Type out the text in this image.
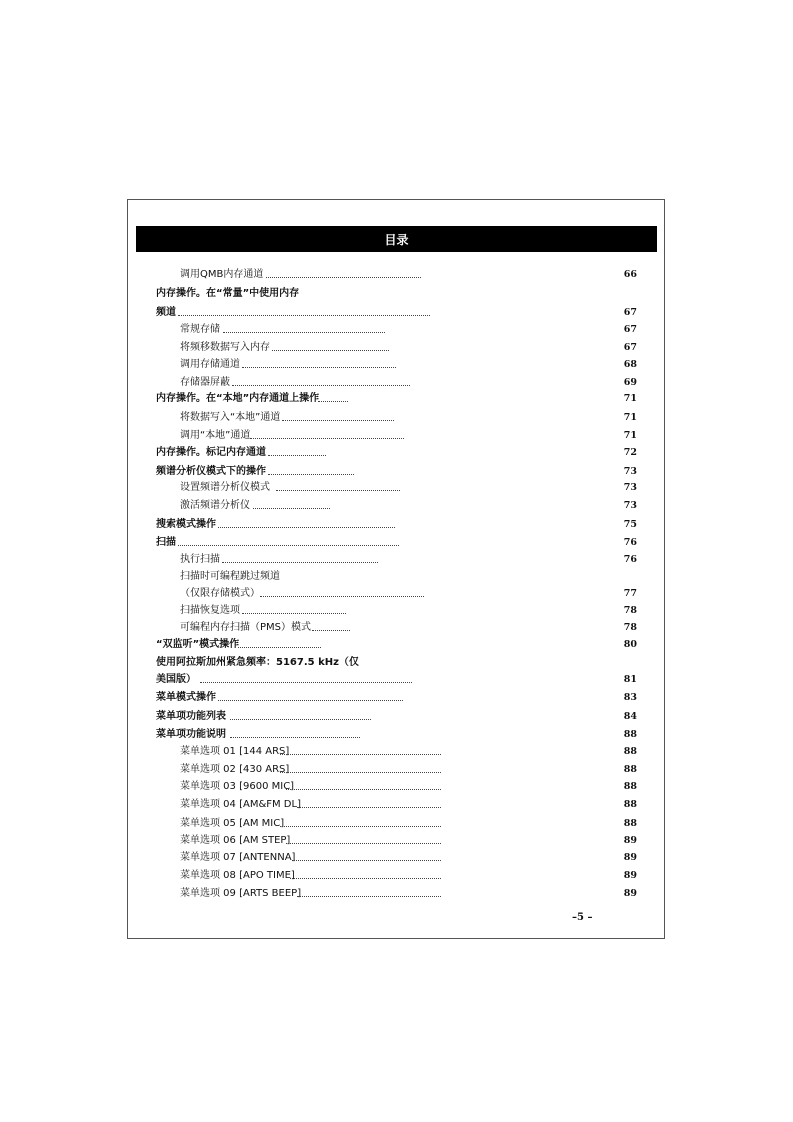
目录
调用QMB内存通道	66
内存操作。在“常量”中使用内存
频道	67
常规存储	67
将频移数据写入内存	67
调用存储通道	68
存储器屏蔽	69
内存操作。在“本地”内存通道上操作	71
将数据写入“本地”通道	71
调用“本地”通道	71
内存操作。标记内存通道	72
频谱分析仪模式下的操作	73
设置频谱分析仪模式	73
激活频谱分析仪	73
搜索模式操作	75
扫描	76
执行扫描	76
扫描时可编程跳过频道
（仅限存储模式）	77
扫描恢复选项	78
可编程内存扫描（PMS）模式	78
“双监听”模式操作	80
使用阿拉斯加州紧急频率：5167.5 kHz（仅
美国版）	81
菜单模式操作	83
菜单项功能列表	84
菜单项功能说明	88
菜单选项 01 [144 ARS]	88
菜单选项 02 [430 ARS]	88
菜单选项 03 [9600 MIC]	88
菜单选项 04 [AM&FM DL]	88
菜单选项 05 [AM MIC]	88
菜单选项 06 [AM STEP]	89
菜单选项 07 [ANTENNA]	89
菜单选项 08 [APO TIME]	89
菜单选项 09 [ARTS BEEP]	89
–5 –
